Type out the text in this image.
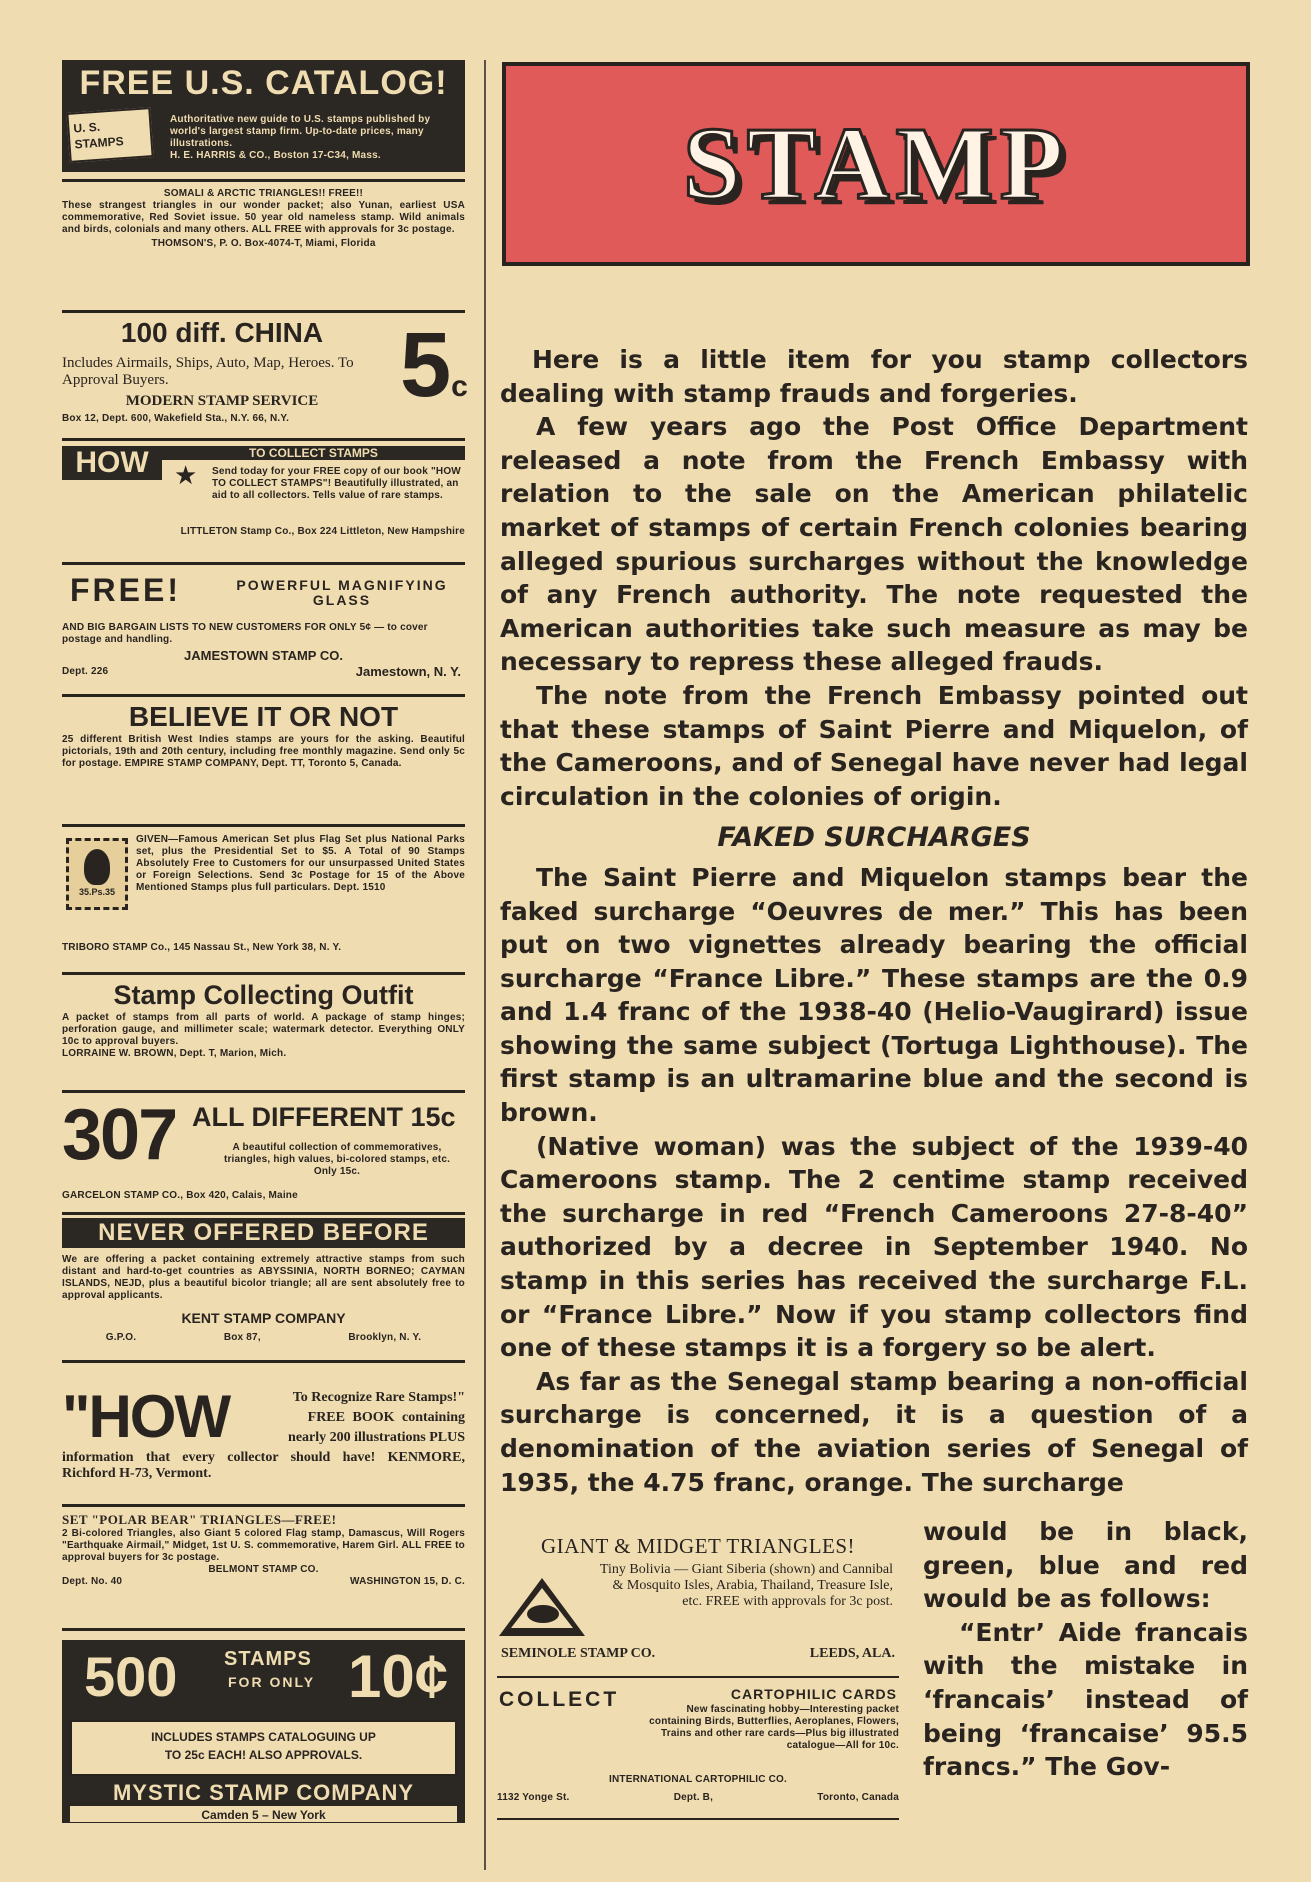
FREE U.S. CATALOG!
U. S. STAMPS
Authoritative new guide to U.S. stamps published by world's largest stamp firm. Up-to-date prices, many illustrations.
H. E. HARRIS & CO., Boston 17-C34, Mass.
SOMALI & ARCTIC TRIANGLES!! FREE!!
These strangest triangles in our wonder packet; also Yunan, earliest USA commemorative, Red Soviet issue. 50 year old nameless stamp. Wild animals and birds, colonials and many others. ALL FREE with approvals for 3c postage.
THOMSON'S, P. O. Box-4074-T, Miami, Florida
100 diff. CHINA 5c
Includes Airmails, Ships, Auto, Map, Heroes. To Approval Buyers.
MODERN STAMP SERVICE
Box 12, Dept. 600, Wakefield Sta., N.Y. 66, N.Y.
HOW	TO COLLECT STAMPS
★	Send today for your FREE copy of our book "HOW TO COLLECT STAMPS"! Beautifully illustrated, an aid to all collectors. Tells value of rare stamps.
LITTLETON Stamp Co., Box 224 Littleton, New Hampshire
FREE!	POWERFUL MAGNIFYING GLASS
AND BIG BARGAIN LISTS TO NEW CUSTOMERS FOR ONLY 5¢ — to cover postage and handling.
JAMESTOWN STAMP CO.
Dept. 226	Jamestown, N. Y.
BELIEVE IT OR NOT
25 different British West Indies stamps are yours for the asking. Beautiful pictorials, 19th and 20th century, including free monthly magazine. Send only 5c for postage. EMPIRE STAMP COMPANY, Dept. TT, Toronto 5, Canada.
35.Ps.35
GIVEN—Famous American Set plus Flag Set plus National Parks set, plus the Presidential Set to $5. A Total of 90 Stamps Absolutely Free to Customers for our unsurpassed United States or Foreign Selections. Send 3c Postage for 15 of the Above Mentioned Stamps plus full particulars. Dept. 1510
TRIBORO STAMP Co., 145 Nassau St., New York 38, N. Y.
Stamp Collecting Outfit
A packet of stamps from all parts of world. A package of stamp hinges; perforation gauge, and millimeter scale; watermark detector. Everything ONLY 10c to approval buyers.
LORRAINE W. BROWN, Dept. T, Marion, Mich.
307 ALL DIFFERENT 15c
A beautiful collection of commemoratives, triangles, high values, bi-colored stamps, etc. Only 15c.
GARCELON STAMP CO., Box 420, Calais, Maine
NEVER OFFERED BEFORE
We are offering a packet containing extremely attractive stamps from such distant and hard-to-get countries as ABYSSINIA, NORTH BORNEO; CAYMAN ISLANDS, NEJD, plus a beautiful bicolor triangle; all are sent absolutely free to approval applicants.
KENT STAMP COMPANY
G.P.O.	Box 87,	Brooklyn, N. Y.
"HOW	To Recognize Rare Stamps!"
FREE BOOK containing
nearly 200 illustrations PLUS
information that every collector should have! KENMORE, Richford H-73, Vermont.
SET "POLAR BEAR" TRIANGLES—FREE!
2 Bi-colored Triangles, also Giant 5 colored Flag stamp, Damascus, Will Rogers "Earthquake Airmail," Midget, 1st U. S. commemorative, Harem Girl. ALL FREE to approval buyers for 3c postage.
BELMONT STAMP CO.
Dept. No. 40	WASHINGTON 15, D. C.
500 STAMPS
FOR ONLY 10¢
INCLUDES STAMPS CATALOGUING UP
TO 25c EACH! ALSO APPROVALS.
MYSTIC STAMP COMPANY
Camden 5 – New York
STAMP

Here is a little item for you stamp collectors dealing with stamp frauds and forgeries.

A few years ago the Post Office Department released a note from the French Embassy with relation to the sale on the American philatelic market of stamps of certain French colonies bearing alleged spurious surcharges without the knowledge of any French authority. The note requested the American authorities take such measure as may be necessary to repress these alleged frauds.

The note from the French Embassy pointed out that these stamps of Saint Pierre and Miquelon, of the Cameroons, and of Senegal have never had legal circulation in the colonies of origin.

FAKED SURCHARGES

The Saint Pierre and Miquelon stamps bear the faked surcharge “Oeuvres de mer.” This has been put on two vignettes already bearing the official surcharge “France Libre.” These stamps are the 0.9 and 1.4 franc of the 1938-40 (Helio-Vaugirard) issue showing the same subject (Tortuga Lighthouse). The first stamp is an ultramarine blue and the second is brown.

(Native woman) was the subject of the 1939-40 Cameroons stamp. The 2 centime stamp received the surcharge in red “French Cameroons 27-8-40” authorized by a decree in September 1940. No stamp in this series has received the surcharge F.L. or “France Libre.” Now if you stamp collectors find one of these stamps it is a forgery so be alert.

As far as the Senegal stamp bearing a non-official surcharge is concerned, it is a question of a denomination of the aviation series of Senegal of 1935, the 4.75 franc, orange. The surcharge

would be in black, green, blue and red would be as follows:

“Entr’ Aide francais with the mistake in ‘francais’ instead of being ‘francaise’ 95.5 francs.” The Gov-

GIANT & MIDGET TRIANGLES!
Tiny Bolivia — Giant Siberia (shown) and Cannibal & Mosquito Isles, Arabia, Thailand, Treasure Isle, etc. FREE with approvals for 3c post.
SEMINOLE STAMP CO.	LEEDS, ALA.
COLLECT	CARTOPHILIC CARDS
New fascinating hobby—Interesting packet containing Birds, Butterflies, Aeroplanes, Flowers, Trains and other rare cards—Plus big illustrated catalogue—All for 10c.
INTERNATIONAL CARTOPHILIC CO.
1132 Yonge St.	Dept. B,	Toronto, Canada
